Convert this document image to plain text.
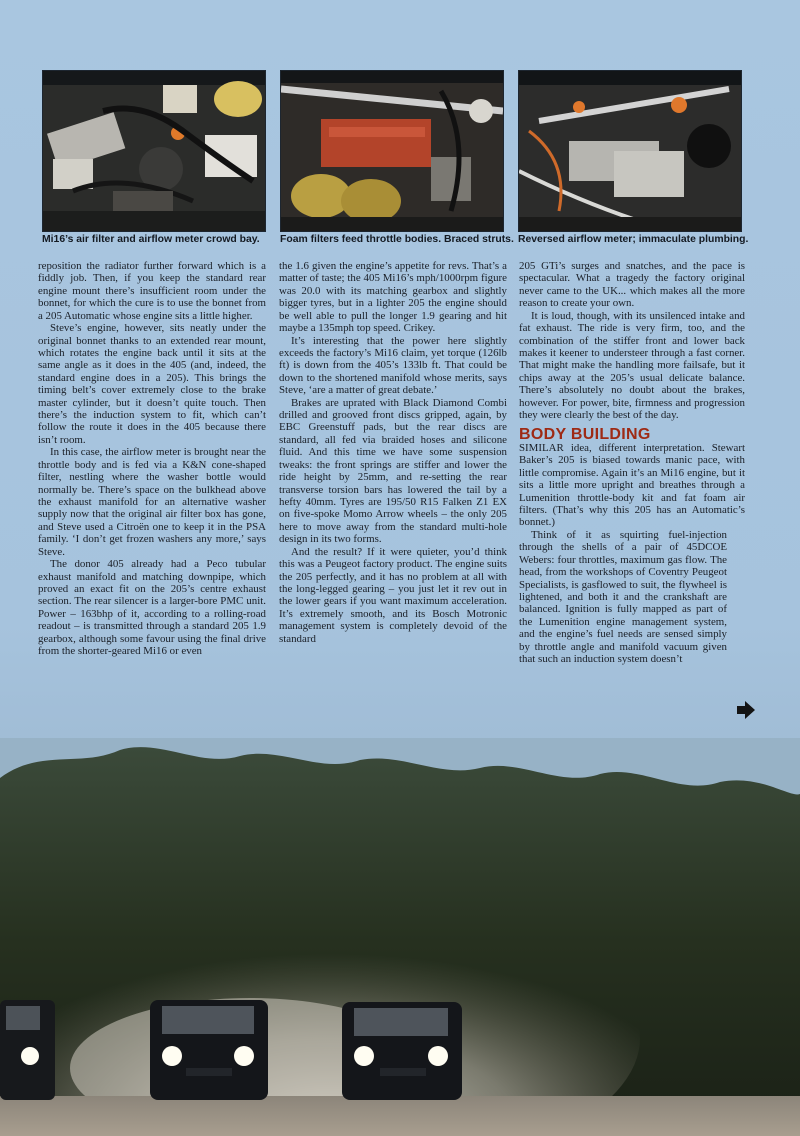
Mi16’s air filter and airflow meter crowd bay. Foam filters feed throttle bodies. Braced struts. Reversed airflow meter; immaculate plumbing.

reposition the radiator further forward which is a fiddly job. Then, if you keep the standard rear engine mount there’s insufficient room under the bonnet, for which the cure is to use the bonnet from a 205 Automatic whose engine sits a little higher.

Steve’s engine, however, sits neatly under the original bonnet thanks to an extended rear mount, which rotates the engine back until it sits at the same angle as it does in the 405 (and, indeed, the standard engine does in a 205). This brings the timing belt’s cover extremely close to the brake master cylinder, but it doesn’t quite touch. Then there’s the induction system to fit, which can’t follow the route it does in the 405 because there isn’t room.

In this case, the airflow meter is brought near the throttle body and is fed via a K&N cone-shaped filter, nestling where the washer bottle would normally be. There’s space on the bulkhead above the exhaust manifold for an alternative washer supply now that the original air filter box has gone, and Steve used a Citroën one to keep it in the PSA family. ‘I don’t get frozen washers any more,’ says Steve.

The donor 405 already had a Peco tubular exhaust manifold and matching downpipe, which proved an exact fit on the 205’s centre exhaust section. The rear silencer is a larger-bore PMC unit. Power – 163bhp of it, according to a rolling-road readout – is transmitted through a standard 205 1.9 gearbox, although some favour using the final drive from the shorter-geared Mi16 or even

the 1.6 given the engine’s appetite for revs. That’s a matter of taste; the 405 Mi16’s mph/1000rpm figure was 20.0 with its matching gearbox and slightly bigger tyres, but in a lighter 205 the engine should be well able to pull the longer 1.9 gearing and hit maybe a 135mph top speed. Crikey.

It’s interesting that the power here slightly exceeds the factory’s Mi16 claim, yet torque (126lb ft) is down from the 405’s 133lb ft. That could be down to the shortened manifold whose merits, says Steve, ‘are a matter of great debate.’

Brakes are uprated with Black Diamond Combi drilled and grooved front discs gripped, again, by EBC Greenstuff pads, but the rear discs are standard, all fed via braided hoses and silicone fluid. And this time we have some suspension tweaks: the front springs are stiffer and lower the ride height by 25mm, and re-setting the rear transverse torsion bars has lowered the tail by a hefty 40mm. Tyres are 195/50 R15 Falken Z1 EX on five-spoke Momo Arrow wheels – the only 205 here to move away from the standard multi-hole design in its two forms.

And the result? If it were quieter, you’d think this was a Peugeot factory product. The engine suits the 205 perfectly, and it has no problem at all with the long-legged gearing – you just let it rev out in the lower gears if you want maximum acceleration. It’s extremely smooth, and its Bosch Motronic management system is completely devoid of the standard

205 GTi’s surges and snatches, and the pace is spectacular. What a tragedy the factory original never came to the UK... which makes all the more reason to create your own.

It is loud, though, with its unsilenced intake and fat exhaust. The ride is very firm, too, and the combination of the stiffer front and lower back makes it keener to understeer through a fast corner. That might make the handling more failsafe, but it chips away at the 205’s usual delicate balance. There’s absolutely no doubt about the brakes, however. For power, bite, firmness and progression they were clearly the best of the day.

BODY BUILDING

SIMILAR idea, different interpretation. Stewart Baker’s 205 is biased towards manic pace, with little compromise. Again it’s an Mi16 engine, but it sits a little more upright and breathes through a Lumenition throttle-body kit and fat foam air filters. (That’s why this 205 has an Automatic’s bonnet.)

Think of it as squirting fuel-injection through the shells of a pair of 45DCOE Webers: four throttles, maximum gas flow. The head, from the workshops of Coventry Peugeot Specialists, is gasflowed to suit, the flywheel is lightened, and both it and the crankshaft are balanced. Ignition is fully mapped as part of the Lumenition engine management system, and the engine’s fuel needs are sensed simply by throttle angle and manifold vacuum given that such an induction system doesn’t
